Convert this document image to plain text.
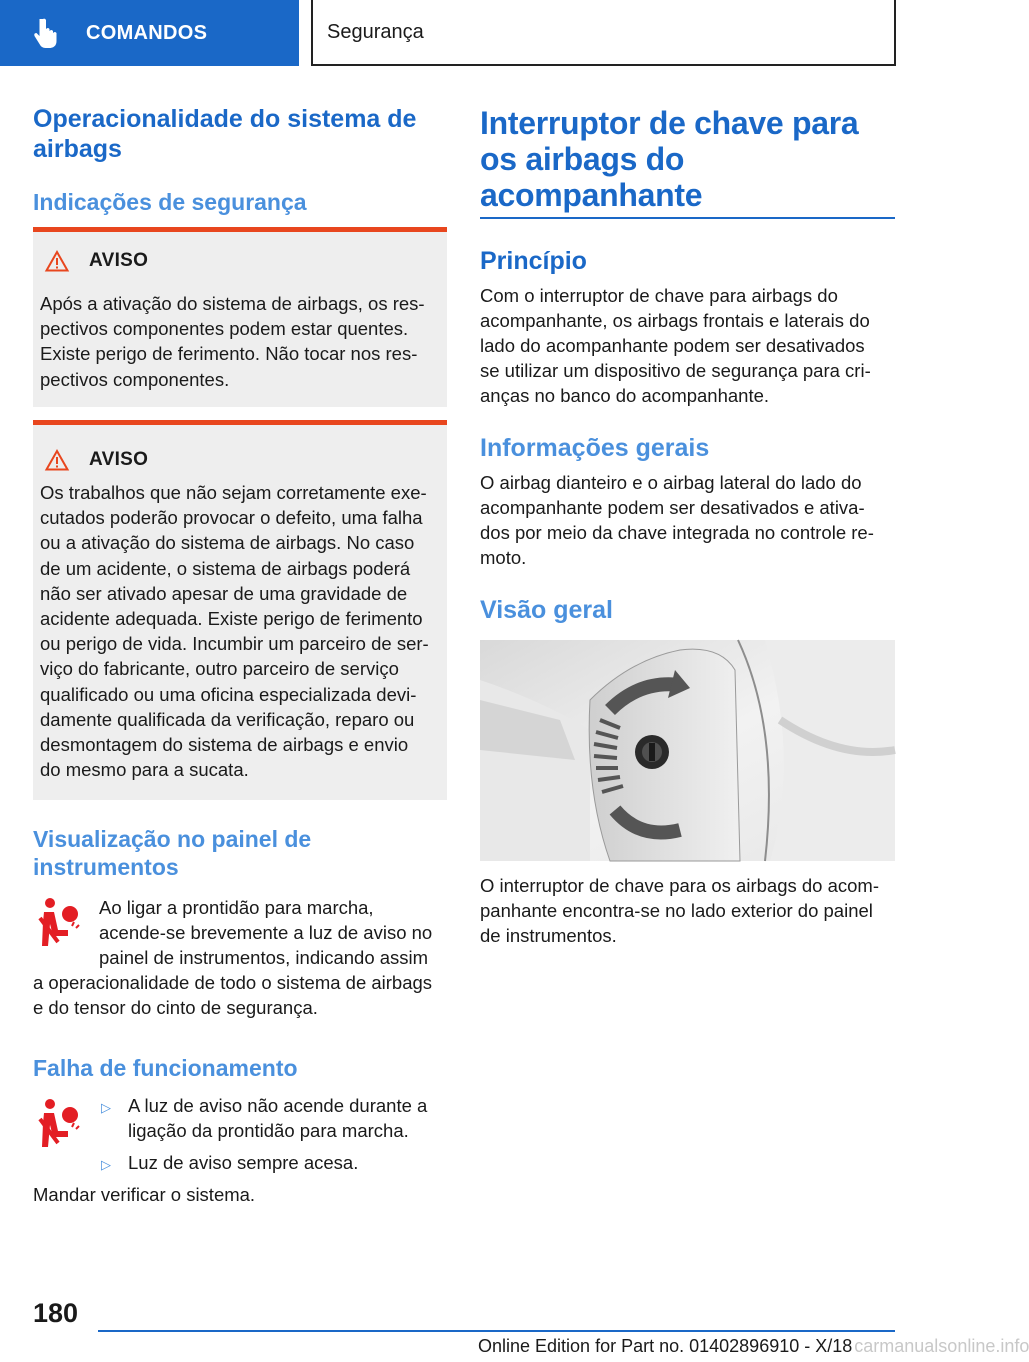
COMANDOS	Segurança
Operacionalidade do sistema de
airbags
Indicações de segurança
AVISO
Após a ativação do sistema de airbags, os res-
pectivos componentes podem estar quentes.
Existe perigo de ferimento. Não tocar nos res-
pectivos componentes.
AVISO
Os trabalhos que não sejam corretamente exe-
cutados poderão provocar o defeito, uma falha
ou a ativação do sistema de airbags. No caso
de um acidente, o sistema de airbags poderá
não ser ativado apesar de uma gravidade de
acidente adequada. Existe perigo de ferimento
ou perigo de vida. Incumbir um parceiro de ser-
viço do fabricante, outro parceiro de serviço
qualificado ou uma oficina especializada devi-
damente qualificada da verificação, reparo ou
desmontagem do sistema de airbags e envio
do mesmo para a sucata.
Visualização no painel de
instrumentos
Ao ligar a prontidão para marcha,
acende-se brevemente a luz de aviso no
painel de instrumentos, indicando assim
a operacionalidade de todo o sistema de airbags
e do tensor do cinto de segurança.
Falha de funcionamento
▷ A luz de aviso não acende durante a
ligação da prontidão para marcha.
▷ Luz de aviso sempre acesa.
Mandar verificar o sistema.
Interruptor de chave para
os airbags do
acompanhante
Princípio
Com o interruptor de chave para airbags do
acompanhante, os airbags frontais e laterais do
lado do acompanhante podem ser desativados
se utilizar um dispositivo de segurança para cri-
anças no banco do acompanhante.
Informações gerais
O airbag dianteiro e o airbag lateral do lado do
acompanhante podem ser desativados e ativa-
dos por meio da chave integrada no controle re-
moto.
Visão geral
O interruptor de chave para os airbags do acom-
panhante encontra-se no lado exterior do painel
de instrumentos.
180
Online Edition for Part no. 01402896910 - X/18 carmanualsonline.info
